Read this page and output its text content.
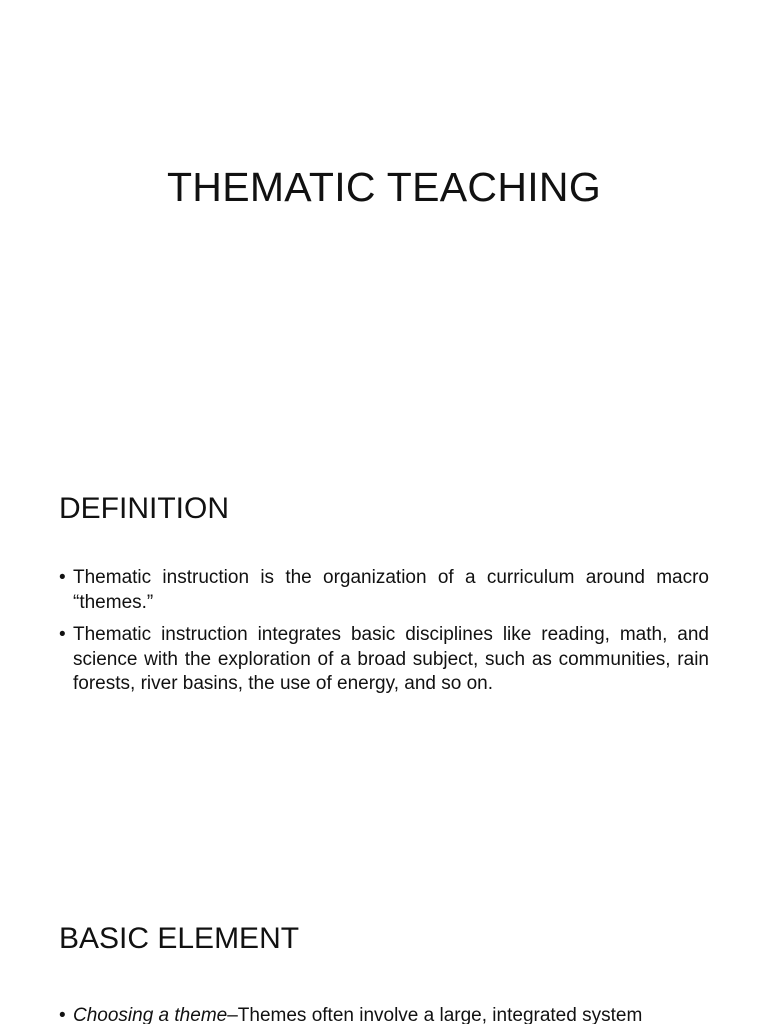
THEMATIC TEACHING
DEFINITION
• Thematic instruction is the organization of a curriculum around macro “themes.”
• Thematic instruction integrates basic disciplines like reading, math, and science with the exploration of a broad subject, such as communities, rain forests, river basins, the use of energy, and so on.
BASIC ELEMENT
• Choosing a theme–Themes often involve a large, integrated system
